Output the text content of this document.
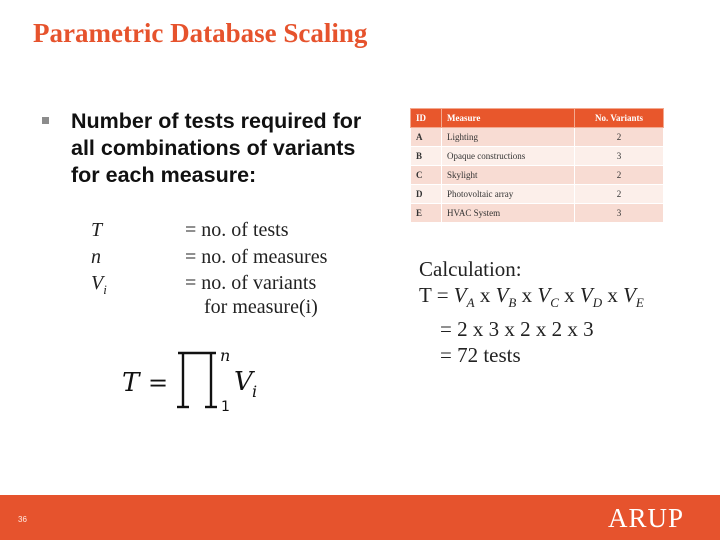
Parametric Database Scaling
Number of tests required for all combinations of variants for each measure:
T	= no. of tests
n	= no. of measures
$V_i$	= no. of variants
for measure(i)
T =
n
1
V i
ID	Measure	No. Variants
A	Lighting	2
B	Opaque constructions	3
C	Skylight	2
D	Photovoltaic array	2
E	HVAC System	3
Calculation:
$T = V_A$ x $V_B$ x $V_C$ x $V_D$ x $V_E$
= 2 x 3 x 2 x 2 x 3
= 72 tests
36	ARUP
